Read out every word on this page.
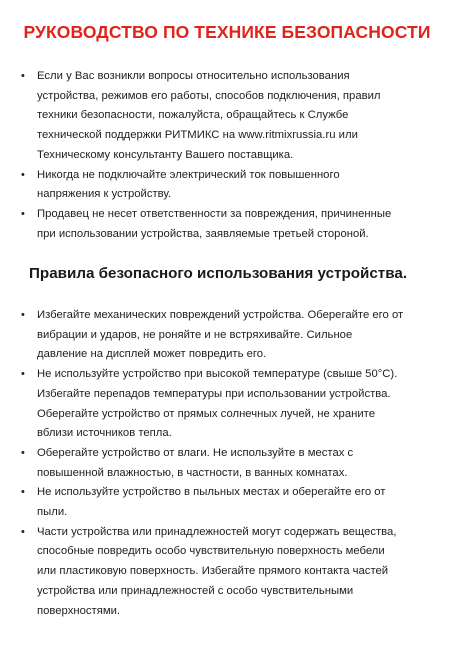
РУКОВОДСТВО ПО ТЕХНИКЕ БЕЗОПАСНОСТИ
• Если у Вас возникли вопросы относительно использования
устройства, режимов его работы, способов подключения, правил
техники безопасности, пожалуйста, обращайтесь к Службе
технической поддержки РИТМИКС на www.ritmixrussia.ru или
Техническому консультанту Вашего поставщика.
• Никогда не подключайте электрический ток повышенного
напряжения к устройству.
• Продавец не несет ответственности за повреждения, причиненные
при использовании устройства, заявляемые третьей стороной.
Правила безопасного использования устройства.
• Избегайте механических повреждений устройства. Оберегайте его от
вибрации и ударов, не роняйте и не встряхивайте. Сильное
давление на дисплей может повредить его.
• Не используйте устройство при высокой температуре (свыше 50°С).
Избегайте перепадов температуры при использовании устройства.
Оберегайте устройство от прямых солнечных лучей, не храните
вблизи источников тепла.
• Оберегайте устройство от влаги. Не используйте в местах с
повышенной влажностью, в частности, в ванных комнатах.
• Не используйте устройство в пыльных местах и оберегайте его от
пыли.
• Части устройства или принадлежностей могут содержать вещества,
способные повредить особо чувствительную поверхность мебели
или пластиковую поверхность. Избегайте прямого контакта частей
устройства или принадлежностей с особо чувствительными
поверхностями.
